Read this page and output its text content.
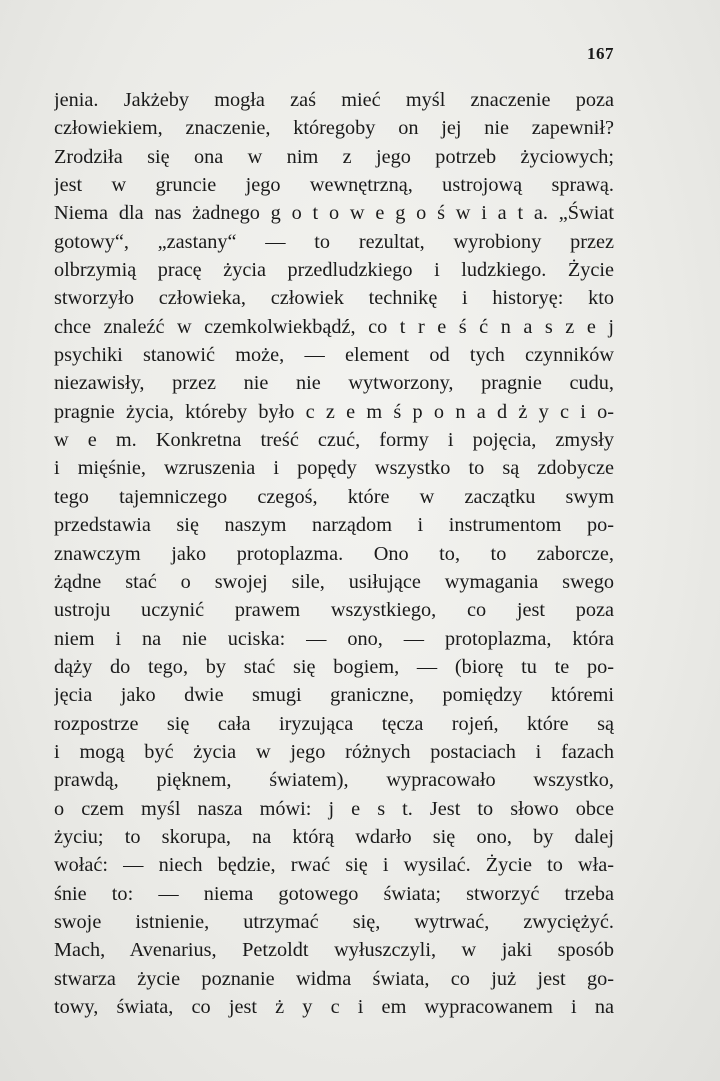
167
jenia. Jakżeby mogła zaś mieć myśl znaczenie poza
człowiekiem, znaczenie, któregoby on jej nie zapewnił?
Zrodziła się ona w nim z jego potrzeb życiowych;
jest w gruncie jego wewnętrzną, ustrojową sprawą.
Niema dla nas żadnego g o t o w e g o ś w i a t a. „Świat
gotowy“, „zastany“ — to rezultat, wyrobiony przez
olbrzymią pracę życia przedludzkiego i ludzkiego. Życie
stworzyło człowieka, człowiek technikę i historyę: kto
chce znaleźć w czemkolwiekbądź, co t r e ś ć n a s z e j
psychiki stanowić może, — element od tych czynników
niezawisły, przez nie nie wytworzony, pragnie cudu,
pragnie życia, któreby było c z e m ś p o n a d ż y c i o-
w e m. Konkretna treść czuć, formy i pojęcia, zmysły
i mięśnie, wzruszenia i popędy wszystko to są zdobycze
tego tajemniczego czegoś, które w zaczątku swym
przedstawia się naszym narządom i instrumentom po-
znawczym jako protoplazma. Ono to, to zaborcze,
żądne stać o swojej sile, usiłujące wymagania swego
ustroju uczynić prawem wszystkiego, co jest poza
niem i na nie uciska: — ono, — protoplazma, która
dąży do tego, by stać się bogiem, — (biorę tu te po-
jęcia jako dwie smugi graniczne, pomiędzy któremi
rozpostrze się cała iryzująca tęcza rojeń, które są
i mogą być życia w jego różnych postaciach i fazach
prawdą, pięknem, światem), wypracowało wszystko,
o czem myśl nasza mówi: j e s t. Jest to słowo obce
życiu; to skorupa, na którą wdarło się ono, by dalej
wołać: — niech będzie, rwać się i wysilać. Życie to wła-
śnie to: — niema gotowego świata; stworzyć trzeba
swoje istnienie, utrzymać się, wytrwać, zwyciężyć.
Mach, Avenarius, Petzoldt wyłuszczyli, w jaki sposób
stwarza życie poznanie widma świata, co już jest go-
towy, świata, co jest ż y c i em wypracowanem i na
